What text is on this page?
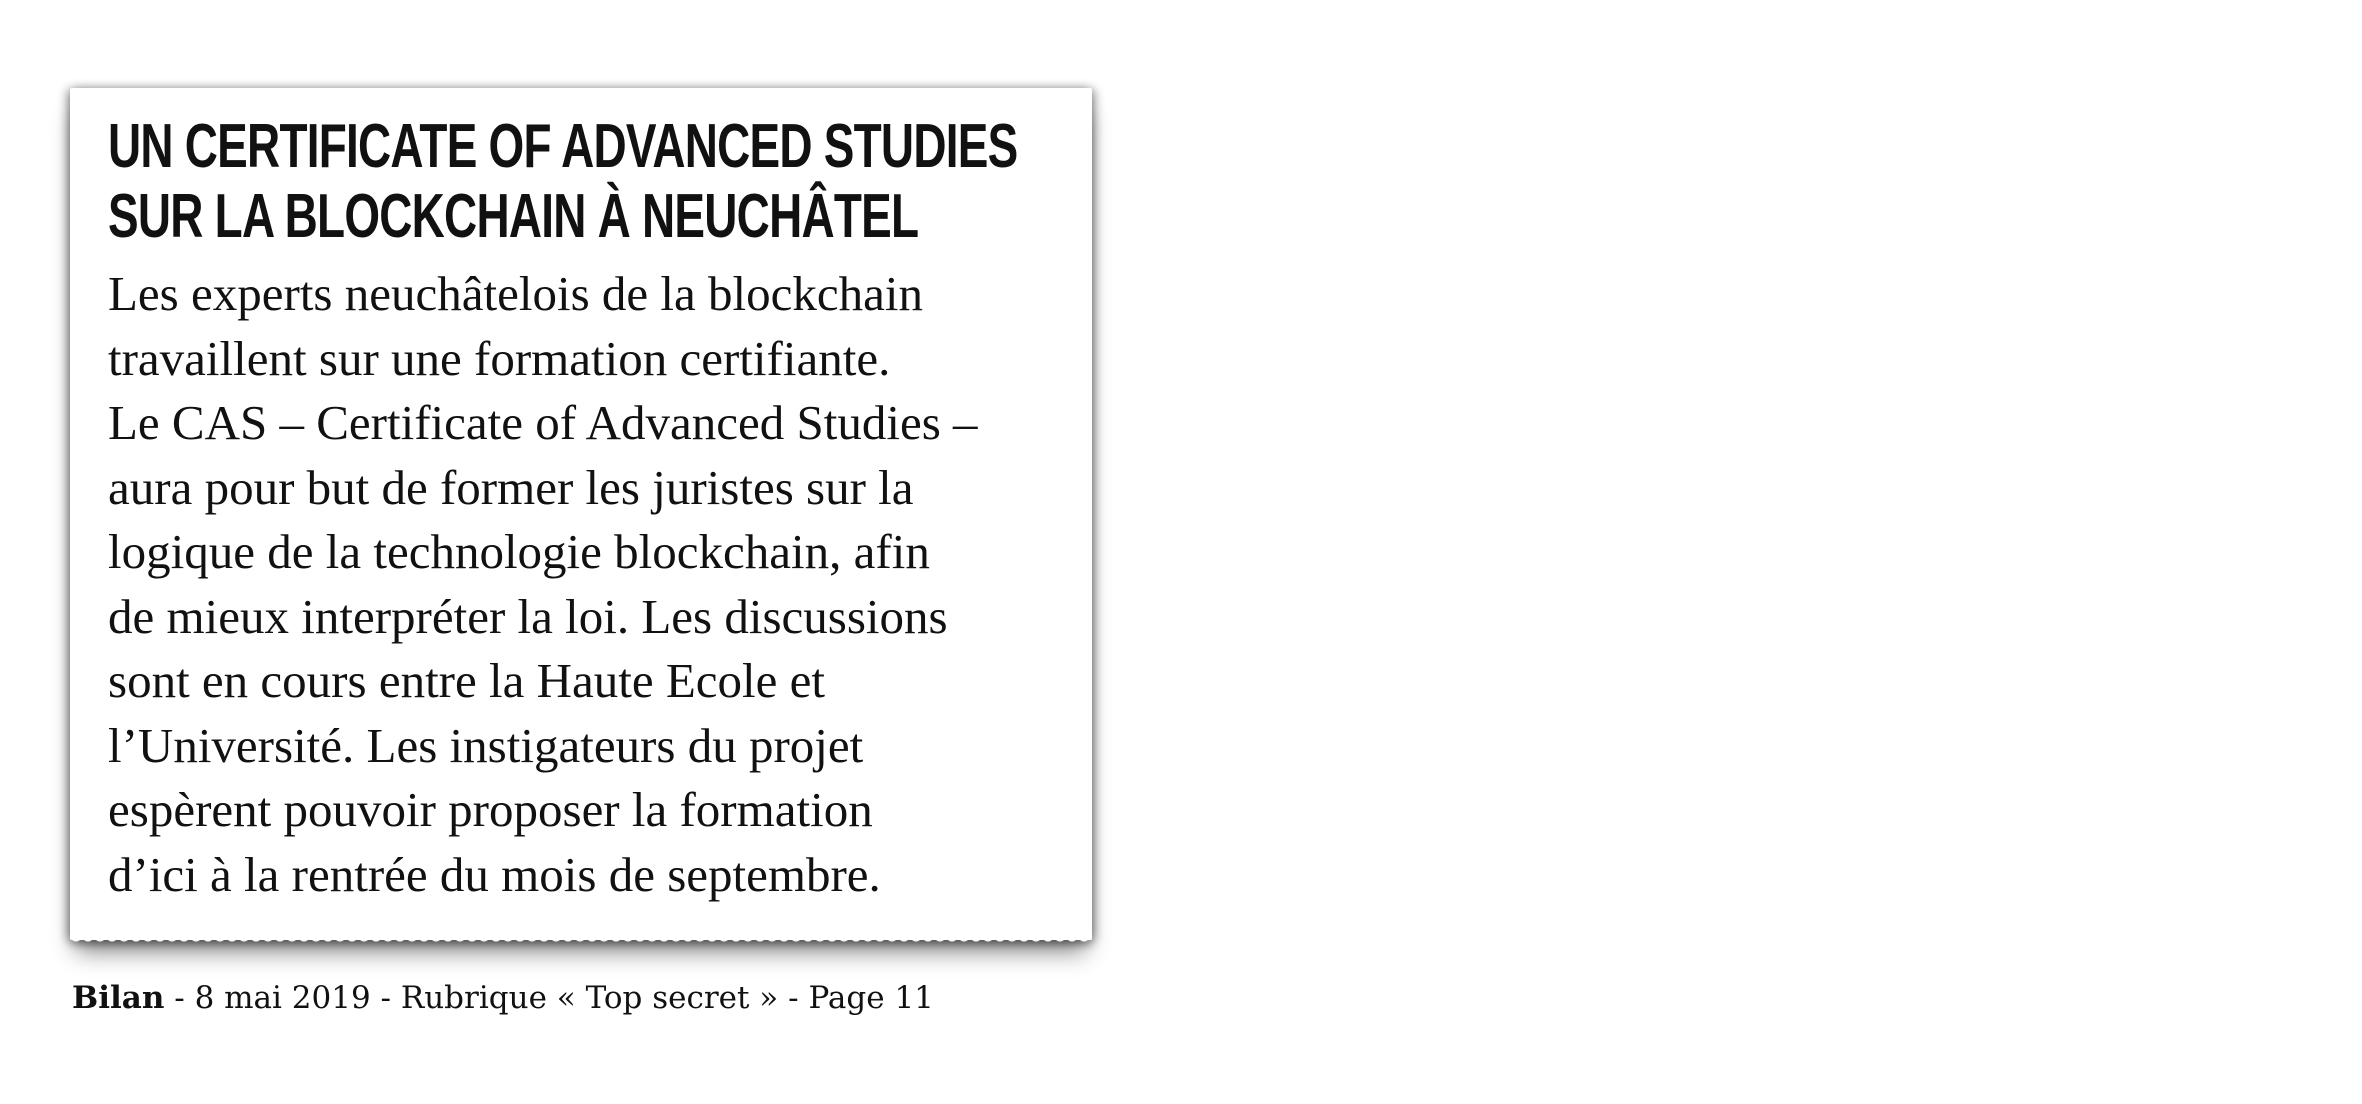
UN CERTIFICATE OF ADVANCED STUDIES
SUR LA BLOCKCHAIN À NEUCHÂTEL

Les experts neuchâtelois de la blockchain
travaillent sur une formation certifiante.
Le CAS – Certificate of Advanced Studies –
aura pour but de former les juristes sur la
logique de la technologie blockchain, afin
de mieux interpréter la loi. Les discussions
sont en cours entre la Haute Ecole et
l’Université. Les instigateurs du projet
espèrent pouvoir proposer la formation
d’ici à la rentrée du mois de septembre.

Bilan - 8 mai 2019 - Rubrique « Top secret » - Page 11
